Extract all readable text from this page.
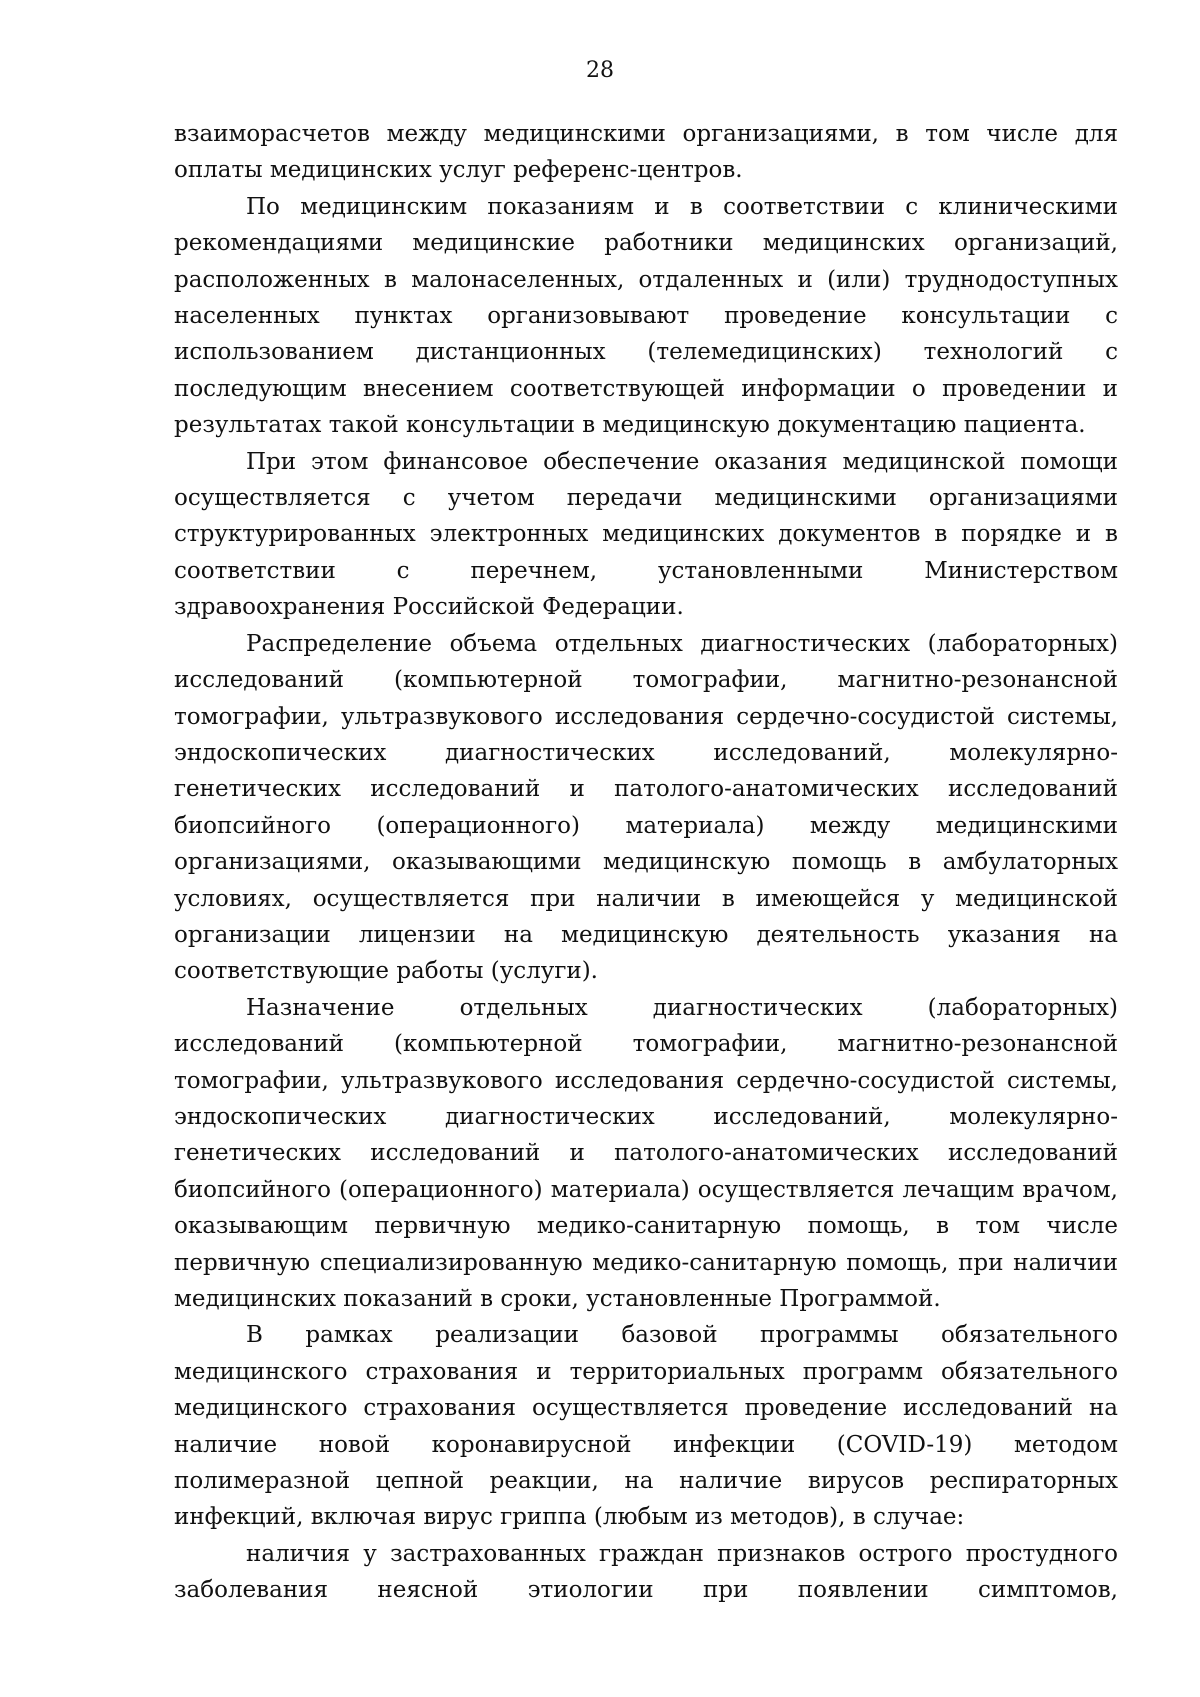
28

взаиморасчетов между медицинскими организациями, в том числе для оплаты медицинских услуг референс-центров.

По медицинским показаниям и в соответствии с клиническими рекомендациями медицинские работники медицинских организаций, расположенных в малонаселенных, отдаленных и (или) труднодоступных населенных пунктах организовывают проведение консультации с использованием дистанционных (телемедицинских) технологий с последующим внесением соответствующей информации о проведении и результатах такой консультации в медицинскую документацию пациента.

При этом финансовое обеспечение оказания медицинской помощи осуществляется с учетом передачи медицинскими организациями структурированных электронных медицинских документов в порядке и в соответствии с перечнем, установленными Министерством здравоохранения Российской Федерации.

Распределение объема отдельных диагностических (лабораторных) исследований (компьютерной томографии, магнитно-резонансной томографии, ультразвукового исследования сердечно-сосудистой системы, эндоскопических диагностических исследований, молекулярно-генетических исследований и патолого-анатомических исследований биопсийного (операционного) материала) между медицинскими организациями, оказывающими медицинскую помощь в амбулаторных условиях, осуществляется при наличии в имеющейся у медицинской организации лицензии на медицинскую деятельность указания на соответствующие работы (услуги).

Назначение отдельных диагностических (лабораторных) исследований (компьютерной томографии, магнитно-резонансной томографии, ультразвукового исследования сердечно-сосудистой системы, эндоскопических диагностических исследований, молекулярно-генетических исследований и патолого-анатомических исследований биопсийного (операционного) материала) осуществляется лечащим врачом, оказывающим первичную медико-санитарную помощь, в том числе первичную специализированную медико-санитарную помощь, при наличии медицинских показаний в сроки, установленные Программой.

В рамках реализации базовой программы обязательного медицинского страхования и территориальных программ обязательного медицинского страхования осуществляется проведение исследований на наличие новой коронавирусной инфекции (COVID-19) методом полимеразной цепной реакции, на наличие вирусов респираторных инфекций, включая вирус гриппа (любым из методов), в случае:

наличия у застрахованных граждан признаков острого простудного заболевания неясной этиологии при появлении симптомов,
